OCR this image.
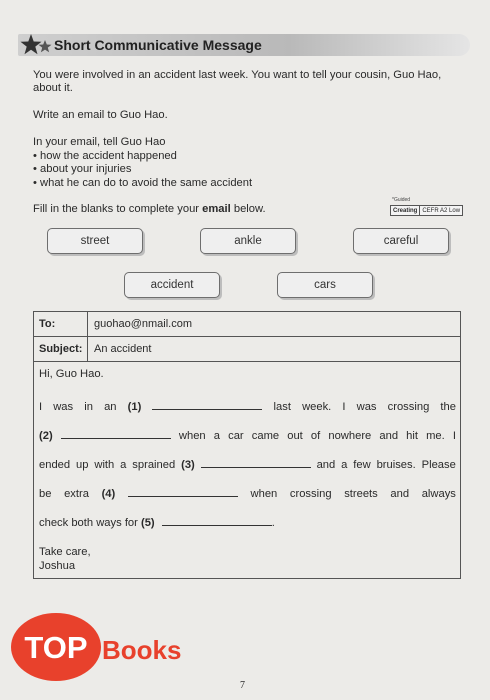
Short Communicative Message
You were involved in an accident last week. You want to tell your cousin, Guo Hao,
about it.
Write an email to Guo Hao.
In your email, tell Guo Hao
• how the accident happened
• about your injuries
• what he can do to avoid the same accident
Fill in the blanks to complete your email below.
*Guided
Creating CEFR A2 Low
street	ankle	careful
accident	cars
To:	guohao@nmail.com
Subject:	An accident
Hi, Guo Hao.
I was in an (1)	last week. I was crossing the
(2)	when a car came out of nowhere and hit me. I
ended up with a sprained (3)	and a few bruises. Please
be extra (4)	when crossing streets and always
check both ways for (5)	.
Take care,
Joshua
TOP Books
7
